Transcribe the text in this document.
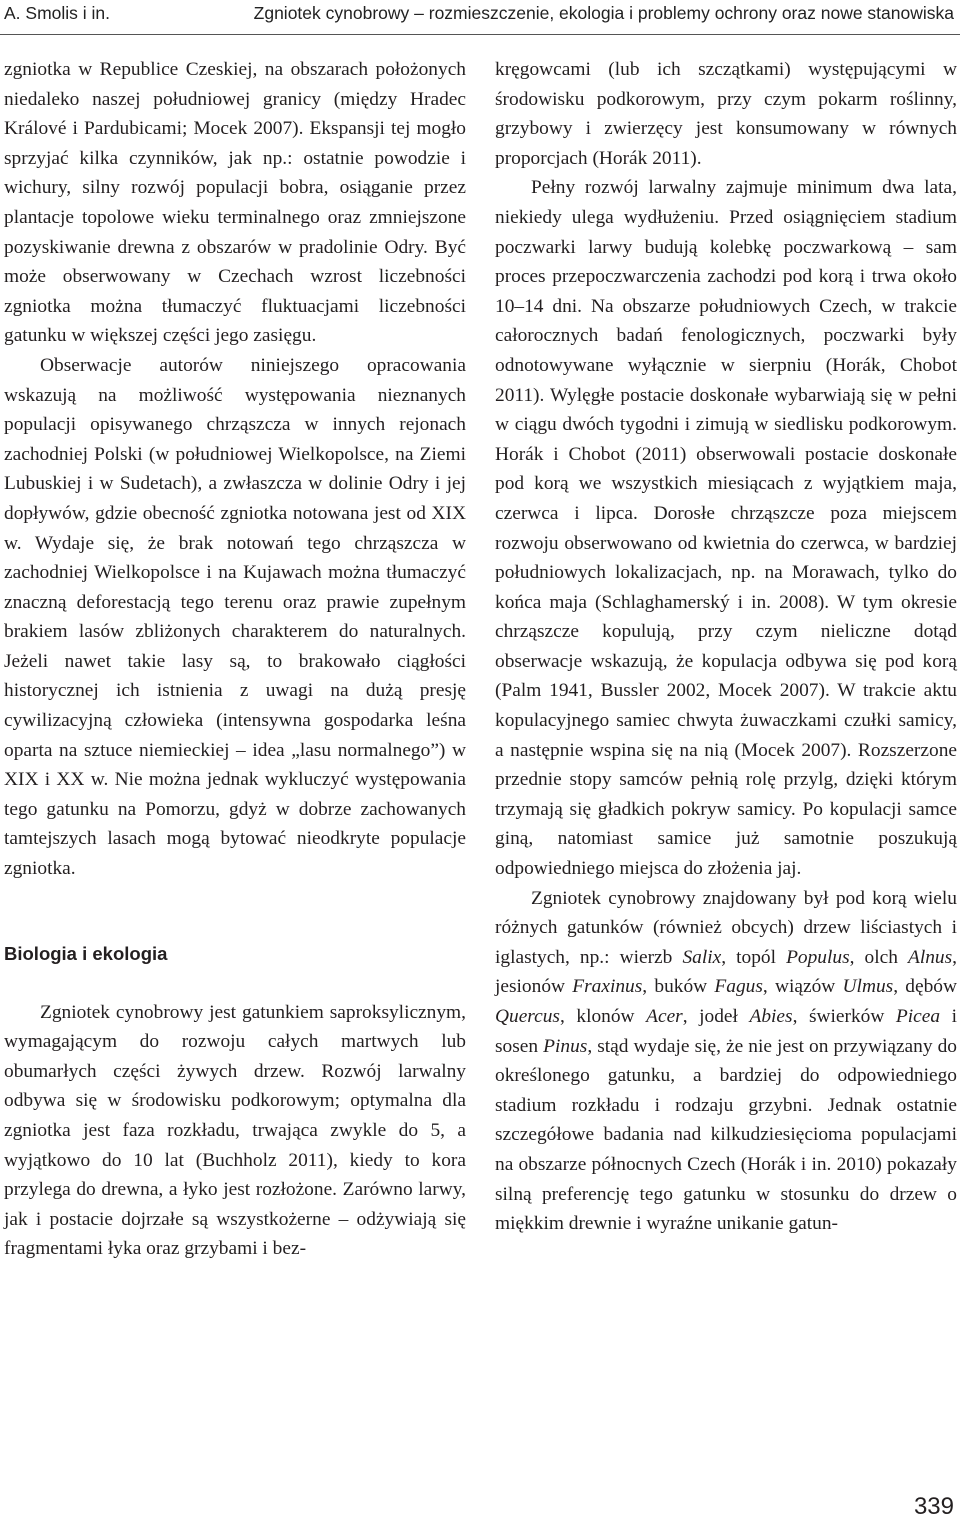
A. Smolis i in.	Zgniotek cynobrowy – rozmieszczenie, ekologia i problemy ochrony oraz nowe stanowiska

zgniotka w Republice Czeskiej, na obszarach położonych niedaleko naszej południowej granicy (między Hradec Králové i Pardubicami; Mocek 2007). Ekspansji tej mogło sprzyjać kilka czynników, jak np.: ostatnie powodzie i wichury, silny rozwój populacji bobra, osiąganie przez plantacje topolowe wieku terminalnego oraz zmniejszone pozyskiwanie drewna z obszarów w pradolinie Odry. Być może obserwowany w Czechach wzrost liczebności zgniotka można tłumaczyć fluktuacjami liczebności gatunku w większej części jego zasięgu.

Obserwacje autorów niniejszego opracowania wskazują na możliwość występowania nieznanych populacji opisywanego chrząszcza w innych rejonach zachodniej Polski (w południowej Wielkopolsce, na Ziemi Lubuskiej i w Sudetach), a zwłaszcza w dolinie Odry i jej dopływów, gdzie obecność zgniotka notowana jest od XIX w. Wydaje się, że brak notowań tego chrząszcza w zachodniej Wielkopolsce i na Kujawach można tłumaczyć znaczną deforestacją tego terenu oraz prawie zupełnym brakiem lasów zbliżonych charakterem do naturalnych. Jeżeli nawet takie lasy są, to brakowało ciągłości historycznej ich istnienia z uwagi na dużą presję cywilizacyjną człowieka (intensywna gospodarka leśna oparta na sztuce niemieckiej – idea „lasu normalnego”) w XIX i XX w. Nie można jednak wykluczyć występowania tego gatunku na Pomorzu, gdyż w dobrze zachowanych tamtejszych lasach mogą bytować nieodkryte populacje zgniotka.

Biologia i ekologia

Zgniotek cynobrowy jest gatunkiem saproksylicznym, wymagającym do rozwoju całych martwych lub obumarłych części żywych drzew. Rozwój larwalny odbywa się w środowisku podkorowym; optymalna dla zgniotka jest faza rozkładu, trwająca zwykle do 5, a wyjątkowo do 10 lat (Buchholz 2011), kiedy to kora przylega do drewna, a łyko jest rozłożone. Zarówno larwy, jak i postacie dojrzałe są wszystkożerne – odżywiają się fragmentami łyka oraz grzybami i bez-

kręgowcami (lub ich szczątkami) występującymi w środowisku podkorowym, przy czym pokarm roślinny, grzybowy i zwierzęcy jest konsumowany w równych proporcjach (Horák 2011).

Pełny rozwój larwalny zajmuje minimum dwa lata, niekiedy ulega wydłużeniu. Przed osiągnięciem stadium poczwarki larwy budują kolebkę poczwarkową – sam proces przepoczwarczenia zachodzi pod korą i trwa około 10–14 dni. Na obszarze południowych Czech, w trakcie całorocznych badań fenologicznych, poczwarki były odnotowywane wyłącznie w sierpniu (Horák, Chobot 2011). Wylęgłe postacie doskonałe wybarwiają się w pełni w ciągu dwóch tygodni i zimują w siedlisku podkorowym. Horák i Chobot (2011) obserwowali postacie doskonałe pod korą we wszystkich miesiącach z wyjątkiem maja, czerwca i lipca. Dorosłe chrząszcze poza miejscem rozwoju obserwowano od kwietnia do czerwca, w bardziej południowych lokalizacjach, np. na Morawach, tylko do końca maja (Schlaghamerský i in. 2008). W tym okresie chrząszcze kopulują, przy czym nieliczne dotąd obserwacje wskazują, że kopulacja odbywa się pod korą (Palm 1941, Bussler 2002, Mocek 2007). W trakcie aktu kopulacyjnego samiec chwyta żuwaczkami czułki samicy, a następnie wspina się na nią (Mocek 2007). Rozszerzone przednie stopy samców pełnią rolę przylg, dzięki którym trzymają się gładkich pokryw samicy. Po kopulacji samce giną, natomiast samice już samotnie poszukują odpowiedniego miejsca do złożenia jaj.

Zgniotek cynobrowy znajdowany był pod korą wielu różnych gatunków (również obcych) drzew liściastych i iglastych, np.: wierzb Salix, topól Populus, olch Alnus, jesionów Fraxinus, buków Fagus, wiązów Ulmus, dębów Quercus, klonów Acer, jodeł Abies, świerków Picea i sosen Pinus, stąd wydaje się, że nie jest on przywiązany do określonego gatunku, a bardziej do odpowiedniego stadium rozkładu i rodzaju grzybni. Jednak ostatnie szczegółowe badania nad kilkudziesięcioma populacjami na obszarze północnych Czech (Horák i in. 2010) pokazały silną preferencję tego gatunku w stosunku do drzew o miękkim drewnie i wyraźne unikanie gatun-

339
